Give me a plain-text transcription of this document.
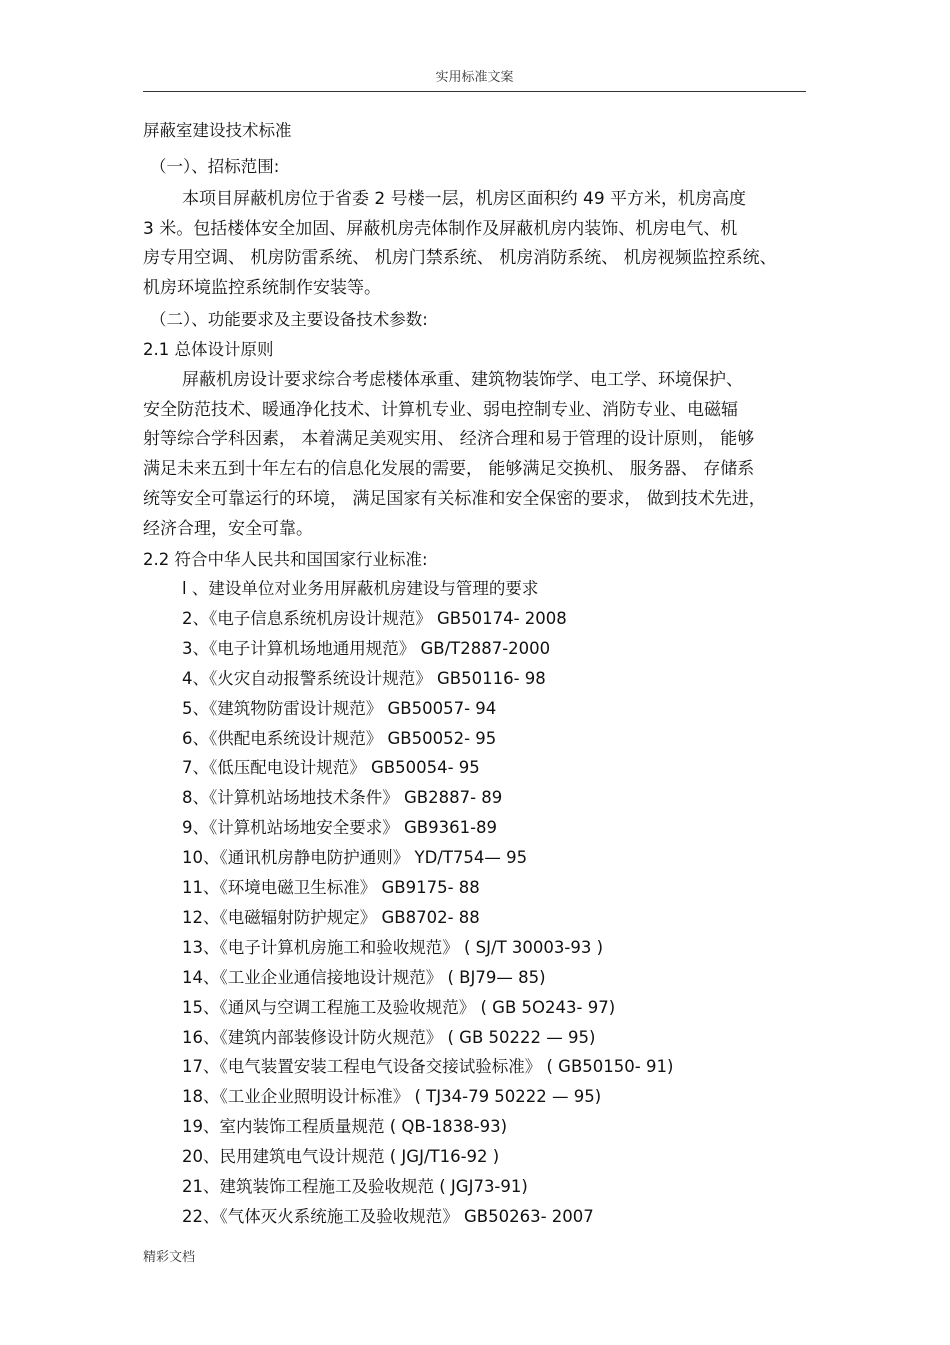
实用标准文案
屏蔽室建设技术标准
（一）、招标范围:
本项目屏蔽机房位于省委 2 号楼一层，机房区面积约 49 平方米，机房高度
3 米。包括楼体安全加固、屏蔽机房壳体制作及屏蔽机房内装饰、机房电气、机
房专用空调、 机房防雷系统、 机房门禁系统、 机房消防系统、 机房视频监控系统、
机房环境监控系统制作安装等。
（二）、功能要求及主要设备技术参数:
2.1 总体设计原则
屏蔽机房设计要求综合考虑楼体承重、建筑物装饰学、电工学、环境保护、
安全防范技术、暖通净化技术、计算机专业、弱电控制专业、消防专业、电磁辐
射等综合学科因素， 本着满足美观实用、 经济合理和易于管理的设计原则， 能够
满足未来五到十年左右的信息化发展的需要， 能够满足交换机、 服务器、 存储系
统等安全可靠运行的环境， 满足国家有关标准和安全保密的要求， 做到技术先进，
经济合理，安全可靠。
2.2 符合中华人民共和国国家行业标准:
l 、建设单位对业务用屏蔽机房建设与管理的要求
2、《电子信息系统机房设计规范》 GB50174- 2008
3、《电子计算机场地通用规范》 GB/T2887-2000
4、《火灾自动报警系统设计规范》 GB50116- 98
5、《建筑物防雷设计规范》 GB50057- 94
6、《供配电系统设计规范》 GB50052- 95
7、《低压配电设计规范》 GB50054- 95
8、《计算机站场地技术条件》 GB2887- 89
9、《计算机站场地安全要求》 GB9361-89
10、《通讯机房静电防护通则》 YD/T754— 95
11、《环境电磁卫生标准》 GB9175- 88
12、《电磁辐射防护规定》 GB8702- 88
13、《电子计算机房施工和验收规范》 ( SJ/T 30003-93 )
14、《工业企业通信接地设计规范》 ( BJ79— 85)
15、《通风与空调工程施工及验收规范》 ( GB 5O243- 97)
16、《建筑内部装修设计防火规范》 ( GB 50222 — 95)
17、《电气装置安装工程电气设备交接试验标准》 ( GB50150- 91)
18、《工业企业照明设计标准》 ( TJ34-79 50222 — 95)
19、室内装饰工程质量规范 ( QB-1838-93)
20、民用建筑电气设计规范 ( JGJ/T16-92 )
21、建筑装饰工程施工及验收规范 ( JGJ73-91)
22、《气体灭火系统施工及验收规范》 GB50263- 2007
精彩文档
